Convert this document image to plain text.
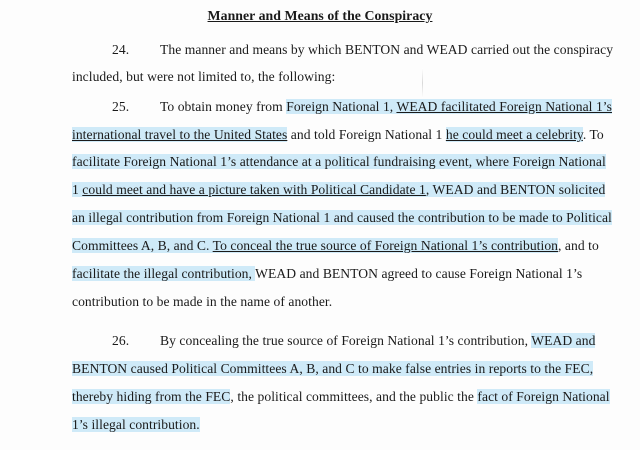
Manner and Means of the Conspiracy
24. The manner and means by which BENTON and WEAD carried out the conspiracy
included, but were not limited to, the following:
25. To obtain money from Foreign National 1, WEAD facilitated Foreign National 1’s
international travel to the United States and told Foreign National 1 he could meet a celebrity. To
facilitate Foreign National 1’s attendance at a political fundraising event, where Foreign National
1 could meet and have a picture taken with Political Candidate 1, WEAD and BENTON solicited
an illegal contribution from Foreign National 1 and caused the contribution to be made to Political
Committees A, B, and C. To conceal the true source of Foreign National 1’s contribution, and to
facilitate the illegal contribution, WEAD and BENTON agreed to cause Foreign National 1’s
contribution to be made in the name of another.
26. By concealing the true source of Foreign National 1’s contribution, WEAD and
BENTON caused Political Committees A, B, and C to make false entries in reports to the FEC,
thereby hiding from the FEC, the political committees, and the public the fact of Foreign National
1’s illegal contribution.
